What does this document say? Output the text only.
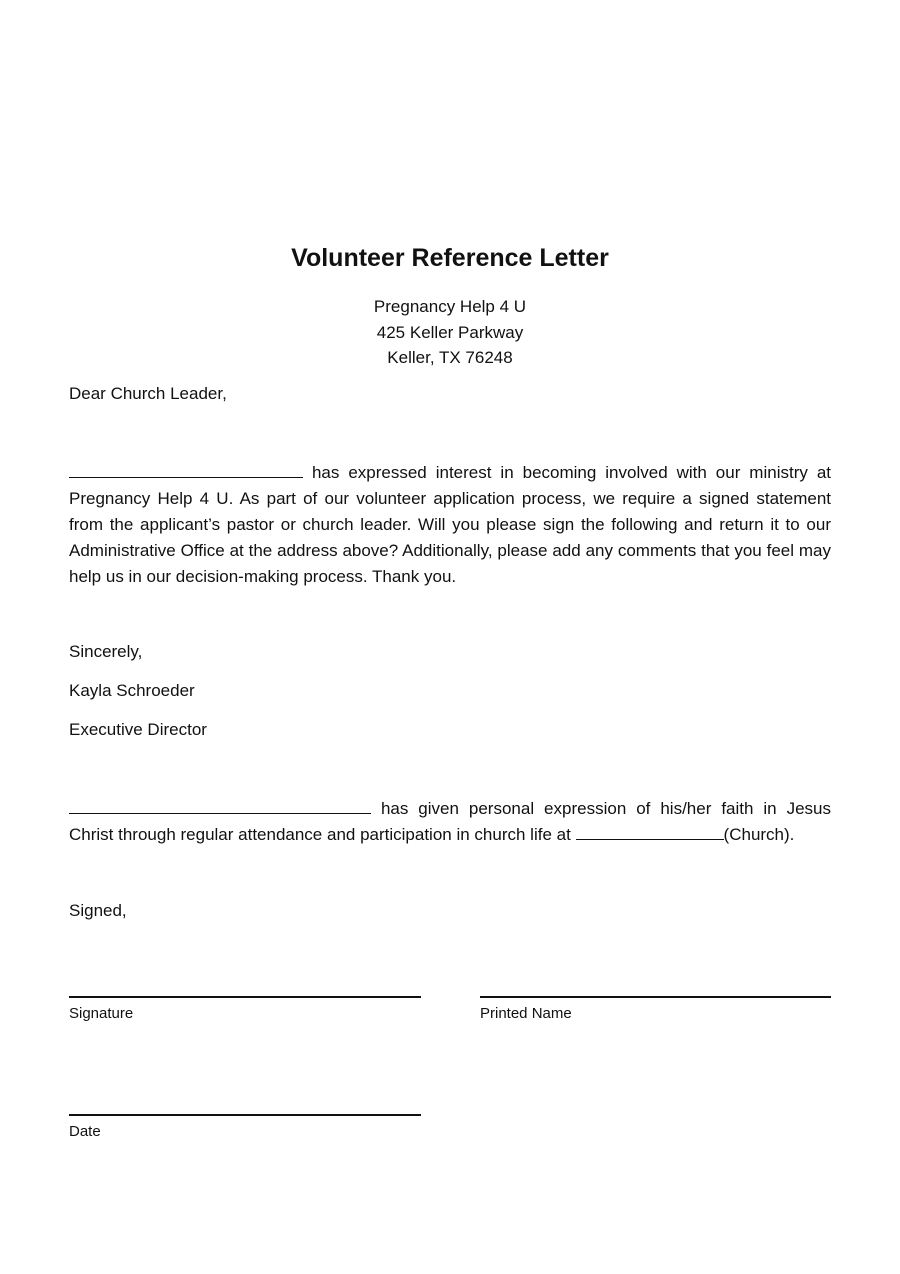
Volunteer Reference Letter
Pregnancy Help 4 U
425 Keller Parkway
Keller, TX 76248

Dear Church Leader,

has expressed interest in becoming involved with our ministry at Pregnancy Help 4 U. As part of our volunteer application process, we require a signed statement from the applicant’s pastor or church leader. Will you please sign the following and return it to our Administrative Office at the address above? Additionally, please add any comments that you feel may help us in our decision-making process. Thank you.

Sincerely,

Kayla Schroeder

Executive Director

has given personal expression of his/her faith in Jesus Christ through regular attendance and participation in church life at	(Church).

Signed,

Signature	Printed Name

Date
